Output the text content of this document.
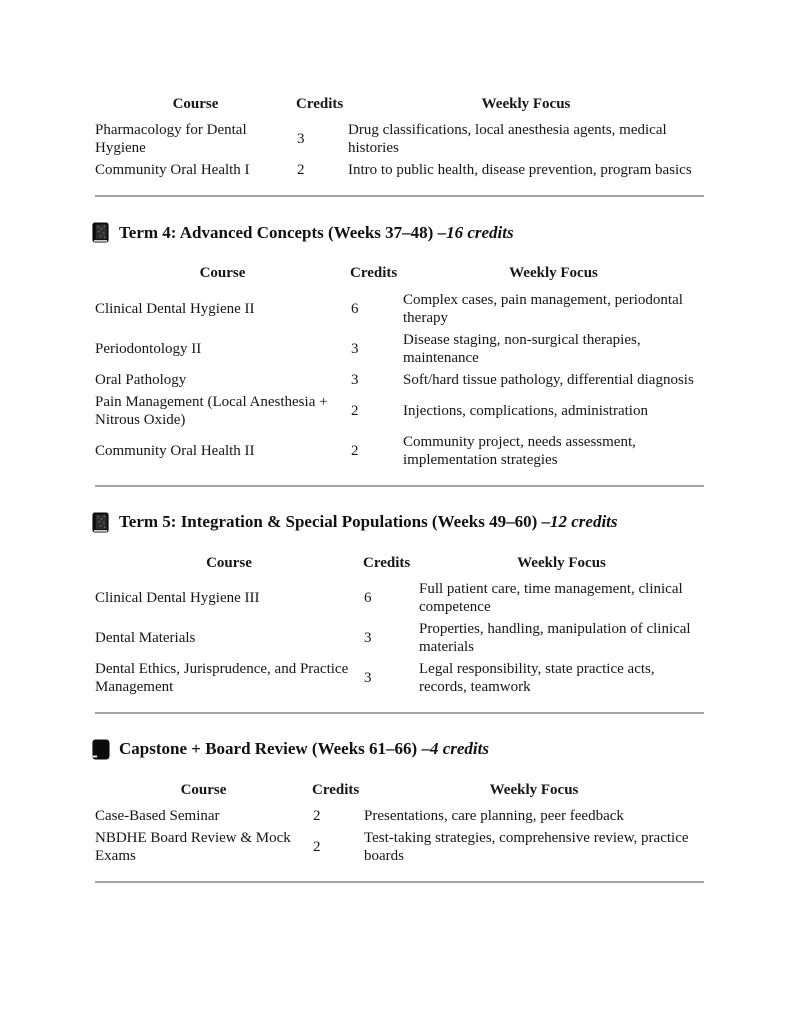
Course	Credits	Weekly Focus
Pharmacology for Dental Hygiene	3	Drug classifications, local anesthesia agents, medical histories
Community Oral Health I	2	Intro to public health, disease prevention, program basics
Term 4: Advanced Concepts (Weeks 37–48) – 16 credits
Course	Credits	Weekly Focus
Clinical Dental Hygiene II	6	Complex cases, pain management, periodontal therapy
Periodontology II	3	Disease staging, non-surgical therapies, maintenance
Oral Pathology	3	Soft/hard tissue pathology, differential diagnosis
Pain Management (Local Anesthesia + Nitrous Oxide)	2	Injections, complications, administration
Community Oral Health II	2	Community project, needs assessment, implementation strategies
Term 5: Integration & Special Populations (Weeks 49–60) – 12 credits
Course	Credits	Weekly Focus
Clinical Dental Hygiene III	6	Full patient care, time management, clinical competence
Dental Materials	3	Properties, handling, manipulation of clinical materials
Dental Ethics, Jurisprudence, and Practice Management	3	Legal responsibility, state practice acts, records, teamwork
Capstone + Board Review (Weeks 61–66) – 4 credits
Course	Credits	Weekly Focus
Case-Based Seminar	2	Presentations, care planning, peer feedback
NBDHE Board Review & Mock Exams	2	Test-taking strategies, comprehensive review, practice boards
